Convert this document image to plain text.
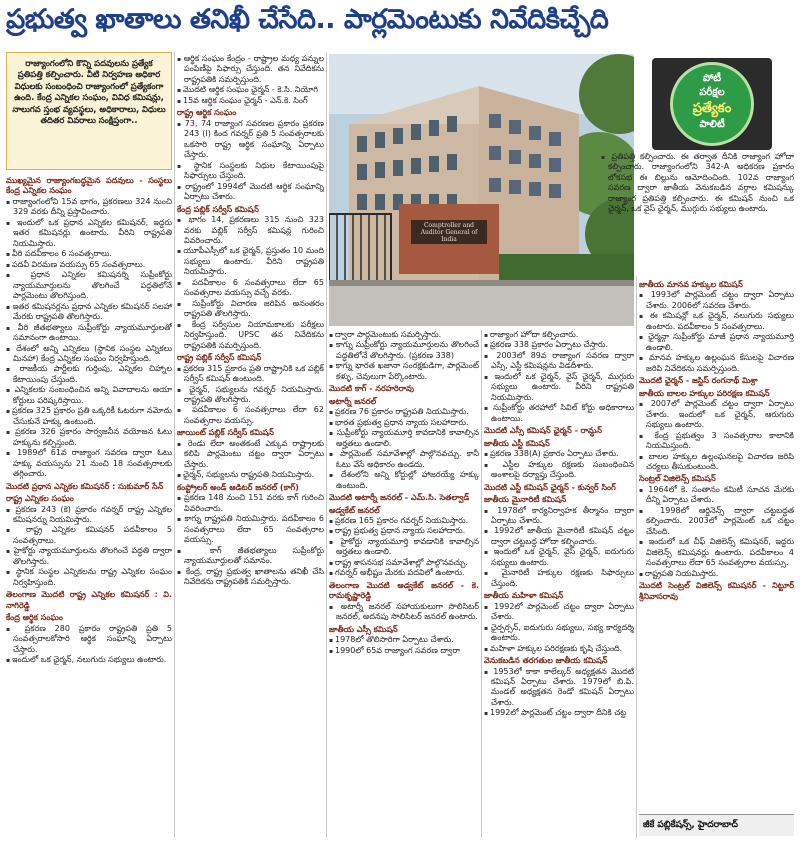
ప్రభుత్వ ఖాతాలు తనిఖీ చేసేది.. పార్లమెంటుకు నివేదికిచ్చేది
రాజ్యాంగంలోని కొన్ని పదవులను ప్రత్యేక ప్రతిపత్తి కల్పించారు. వీటి నిర్వహణ అధికార విధులకు సంబంధించి రాజ్యాంగంలో ప్రత్యేకంగా ఉంది. కేంద్ర ఎన్నికల సంఘం, వివిధ కమిషన్లు, నాలుగవ స్తంభ వ్యవస్థలు, అధికారాలు, విధులు తదితర వివరాలు సంక్షిప్తంగా..

ముఖ్యమైన రాజ్యాంగబద్ధమైన పదవులు - సంస్థలు కేంద్ర ఎన్నికల సంఘం

▪ రాజ్యాంగంలోని 15వ భాగం, ప్రకరణలు 324 నుంచి 329 వరకు దీన్ని ప్రస్తావించారు.

▪ ఇందులో ఒక ప్రధాన ఎన్నికల కమిషనర్, ఇద్దరు ఇతర కమిషనర్లు ఉంటారు. వీరిని రాష్ట్రపతి నియమిస్తారు.

▪ వీరి పదవీకాలం 6 సంవత్సరాలు.

▪ పదవీ విరమణ వయస్సు 65 సంవత్సరాలు.

▪ ప్రధాన ఎన్నికల కమిషనర్ని సుప్రీంకోర్టు న్యాయమూర్తులను తొలగించే పద్ధతిలోనే పార్లమెంటు తొలగిస్తుంది.

▪ ఇతర కమిషనర్లను ప్రధాన ఎన్నికల కమిషనర్ సలహా మేరకు రాష్ట్రపతి తొలగిస్తారు.

▪ వీరి జీతభత్యాలు సుప్రీంకోర్టు న్యాయమూర్తులతో సమానంగా ఉంటాయి.

▪ దేశంలో అన్ని ఎన్నికలు (స్థానిక సంస్థల ఎన్నికలు మినహా) కేంద్ర ఎన్నికల సంఘం నిర్వహిస్తుంది.

▪ రాజకీయ పార్టీలకు గుర్తింపు, ఎన్నికల చిహ్నాల కేటాయింపు చేస్తుంది.

▪ ఎన్నికలకు సంబంధించిన అన్ని వివాదాలను ఆయా కోర్టులు పరిష్కరిస్తాయి.

▪ ప్రకరణ 325 ప్రకారం ప్రతి ఒక్కరికీ ఓటరుగా నమోదు చేసుకునే హక్కు ఉంటుంది.

▪ ప్రకరణ 326 ప్రకారం సార్వజనీన వయోజన ఓటు హక్కును కల్పిస్తుంది.

▪ 1989లో 61వ రాజ్యాంగ సవరణ ద్వారా ఓటు హక్కు వయస్సును 21 నుంచి 18 సంవత్సరాలకు తగ్గించారు.

మొదటి ప్రధాన ఎన్నికల కమిషనర్ : సుకుమార్ సేన్

రాష్ట్ర ఎన్నికల సంఘం

▪ ప్రకరణ 243 (కె) ప్రకారం గవర్నర్ రాష్ట్ర ఎన్నికల కమిషనర్ను నియమిస్తారు.

▪ రాష్ట్ర ఎన్నికల కమిషనర్ పదవీకాలం 5 సంవత్సరాలు.

▪ హైకోర్టు న్యాయమూర్తులను తొలగించే పద్ధతి ద్వారా తొలగిస్తారు.

▪ స్థానిక సంస్థల ఎన్నికలను రాష్ట్ర ఎన్నికల సంఘం నిర్వహిస్తుంది.

తెలంగాణ మొదటి రాష్ట్ర ఎన్నికల కమిషనర్ : వి. నాగిరెడ్డి

కేంద్ర ఆర్థిక సంఘం

▪ ప్రకరణ 280 ప్రకారం రాష్ట్రపతి ప్రతి 5 సంవత్సరాలకోసారి ఆర్థిక సంఘాన్ని ఏర్పాటు చేస్తారు.

▪ ఇందులో ఒక ఛైర్మన్, నలుగురు సభ్యులు ఉంటారు.

▪ ఆర్థిక సంఘం కేంద్రం - రాష్ట్రాల మధ్య పన్నుల పంపిణీపై సిఫార్సు చేస్తుంది. తన నివేదికను రాష్ట్రపతికి సమర్పిస్తుంది.

▪ మొదటి ఆర్థిక సంఘం ఛైర్మన్ - కె.సి. నియోగి

▪ 15వ ఆర్థిక సంఘం ఛైర్మన్ - ఎన్.కె. సింగ్

రాష్ట్ర ఆర్థిక సంఘం

▪ 73, 74 రాజ్యాంగ సవరణల ప్రకారం ప్రకరణ 243 (I) కింద గవర్నర్ ప్రతి 5 సంవత్సరాలకు ఒకసారి రాష్ట్ర ఆర్థిక సంఘాన్ని ఏర్పాటు చేస్తారు.

▪ స్థానిక సంస్థలకు నిధుల కేటాయింపుపై సిఫార్సులు చేస్తుంది.

▪ రాష్ట్రంలో 1994లో మొదటి ఆర్థిక సంఘాన్ని ఏర్పాటు చేశారు.

కేంద్ర పబ్లిక్ సర్వీస్ కమిషన్

▪ భాగం 14, ప్రకరణలు 315 నుంచి 323 వరకు పబ్లిక్ సర్వీస్ కమిషన్ల గురించి వివరించారు.

▪ యూపీఎస్సీలో ఒక ఛైర్మన్, ప్రస్తుతం 10 మంది సభ్యులు ఉంటారు. వీరిని రాష్ట్రపతి నియమిస్తారు.

▪ పదవీకాలం 6 సంవత్సరాలు లేదా 65 సంవత్సరాల వయస్సు వచ్చే వరకు.

▪ సుప్రీంకోర్టు విచారణ జరిపిన అనంతరం రాష్ట్రపతి తొలగిస్తారు.

▪ కేంద్ర సర్వీసుల నియామకాలకు పరీక్షలు నిర్వహిస్తుంది. UPSC తన నివేదికను రాష్ట్రపతికి సమర్పిస్తుంది.

రాష్ట్ర పబ్లిక్ సర్వీస్ కమిషన్

▪ ప్రకరణ 315 ప్రకారం ప్రతి రాష్ట్రానికి ఒక పబ్లిక్ సర్వీస్ కమిషన్ ఉంటుంది.

▪ ఛైర్మన్, సభ్యులను గవర్నర్ నియమిస్తారు. రాష్ట్రపతి తొలగిస్తారు.

▪ పదవీకాలం 6 సంవత్సరాలు లేదా 62 సంవత్సరాల వయస్సు.

జాయింట్ పబ్లిక్ సర్వీస్ కమిషన్

▪ రెండు లేదా అంతకంటే ఎక్కువ రాష్ట్రాలకు కలిపి పార్లమెంటు చట్టం ద్వారా ఏర్పాటు చేస్తారు.

▪ ఛైర్మన్, సభ్యులను రాష్ట్రపతి నియమిస్తారు.

కంప్ట్రోలర్ అండ్ ఆడిటర్ జనరల్ (కాగ్)

▪ ప్రకరణ 148 నుంచి 151 వరకు కాగ్ గురించి వివరించారు.

▪ కాగ్ను రాష్ట్రపతి నియమిస్తారు. పదవీకాలం 6 సంవత్సరాలు లేదా 65 సంవత్సరాల వయస్సు.

▪ కాగ్ జీతభత్యాలు సుప్రీంకోర్టు న్యాయమూర్తులతో సమానం.

▪ కేంద్ర, రాష్ట్ర ప్రభుత్వ ఖాతాలను తనిఖీ చేసి నివేదికను రాష్ట్రపతికి సమర్పిస్తారు.

Comptroller and Auditor General of India
పోటీ
పరీక్షల
ప్రత్యేకం
పాలిటీ

▪ ద్వారా పార్లమెంటుకు సమర్పిస్తారు.

▪ కాగ్ను సుప్రీంకోర్టు న్యాయమూర్తులను తొలగించే పద్ధతిలోనే తొలగిస్తారు. (ప్రకరణ 338)

▪ కాగ్ను భారత ఖజానా సంరక్షకుడిగా, పార్లమెంట్ కళ్ళు, చెవులుగా పేర్కొంటారు.

మొదటి కాగ్ - నరహరిరావు

అటార్నీ జనరల్

▪ ప్రకరణ 76 ప్రకారం రాష్ట్రపతి నియమిస్తారు.

▪ భారత ప్రభుత్వ ప్రధాన న్యాయ సలహాదారు.

▪ సుప్రీంకోర్టు న్యాయమూర్తి కావడానికి కావాల్సిన అర్హతలు ఉండాలి.

▪ పార్లమెంట్ సమావేశాల్లో పాల్గొనవచ్చు. కానీ ఓటు వేసే అధికారం ఉండదు.

▪ దేశంలోని అన్ని కోర్టుల్లో హాజరయ్యే హక్కు ఉంటుంది.

మొదటి అటార్నీ జనరల్ - ఎమ్.సి. సెతల్వాడ్

అడ్వకేట్ జనరల్

▪ ప్రకరణ 165 ప్రకారం గవర్నర్ నియమిస్తారు.

▪ రాష్ట్ర ప్రభుత్వ ప్రధాన న్యాయ సలహాదారు.

▪ హైకోర్టు న్యాయమూర్తి కావడానికి కావాల్సిన అర్హతలు ఉండాలి.

▪ రాష్ట్ర శాసనసభ సమావేశాల్లో పాల్గొనవచ్చు.

▪ గవర్నర్ అభీష్టం మేరకు పదవిలో ఉంటారు.

తెలంగాణ మొదటి అడ్వకేట్ జనరల్ - కె. రామకృష్ణారెడ్డి

▪ అటార్నీ జనరల్ సహాయకులుగా సొలిసిటర్ జనరల్, అదనపు సొలిసిటర్ జనరల్ ఉంటారు.

జాతీయ ఎస్సీ కమిషన్

▪ 1978లో తొలిసారిగా ఏర్పాటు చేశారు.

▪ 1990లో 65వ రాజ్యాంగ సవరణ ద్వారా

▪ రాజ్యాంగ హోదా కల్పించారు.

▪ ప్రకరణ 338 ప్రకారం ఏర్పాటు చేస్తారు.

▪ 2003లో 89వ రాజ్యాంగ సవరణ ద్వారా ఎస్సీ, ఎస్టీ కమిషన్లను విడదీశారు.

▪ ఇందులో ఒక ఛైర్మన్, వైస్ ఛైర్మన్, ముగ్గురు సభ్యులు ఉంటారు. వీరిని రాష్ట్రపతి నియమిస్తారు.

▪ సుప్రీంకోర్టు తరహాలో సివిల్ కోర్టు అధికారాలు ఉంటాయి.

మొదటి ఎస్సీ కమిషన్ ఛైర్మన్ - రామ్ధన్

జాతీయ ఎస్టీ కమిషన్

▪ ప్రకరణ 338(A) ప్రకారం ఏర్పాటు చేశారు.

▪ ఎస్టీల హక్కుల రక్షణకు సంబంధించిన అంశాలపై దర్యాప్తు చేస్తుంది.

మొదటి ఎస్టీ కమిషన్ ఛైర్మన్ - కున్వర్ సింగ్

జాతీయ మైనారిటీ కమిషన్

▪ 1978లో కార్యనిర్వాహక తీర్మానం ద్వారా ఏర్పాటు చేశారు.

▪ 1992లో జాతీయ మైనారిటీ కమిషన్ చట్టం ద్వారా చట్టబద్ధ హోదా కల్పించారు.

▪ ఇందులో ఒక ఛైర్మన్, వైస్ ఛైర్మన్, ఐదుగురు సభ్యులు ఉంటారు.

▪ మైనారిటీ హక్కుల రక్షణకు సిఫార్సులు చేస్తుంది.

జాతీయ మహిళా కమిషన్

▪ 1992లో పార్లమెంట్ చట్టం ద్వారా ఏర్పాటు చేశారు.

▪ ఛైర్పర్సన్, ఐదుగురు సభ్యులు, సభ్య కార్యదర్శి ఉంటారు.

▪ మహిళా హక్కుల పరిరక్షణకు కృషి చేస్తుంది.

వెనుకబడిన తరగతుల జాతీయ కమిషన్

▪ 1953లో కాకా కాలేల్కర్ అధ్యక్షతన మొదటి కమిషన్ ఏర్పాటు చేశారు. 1979లో బి.పి. మండల్ అధ్యక్షతన రెండో కమిషన్ ఏర్పాటు చేశారు.

▪ 1992లో పార్లమెంట్ చట్టం ద్వారా దీనికి చట్ట

▪ ప్రతిపత్తి కల్పించారు. ఈ తర్వాత దీనికి రాజ్యాంగ హోదా కల్పించారు. రాజ్యాంగంలోని 342-A అధికరణ ప్రకారం లోకసభ ఈ బిల్లును ఆమోదించింది. 102వ రాజ్యాంగ సవరణ ద్వారా జాతీయ వెనుకబడిన వర్గాల కమిషన్కు రాజ్యాంగ ప్రతిపత్తి కల్పించారు. ఈ కమిషన్ నుంచి ఒక ఛైర్మన్, ఒక వైస్ ఛైర్మన్, ముగ్గురు సభ్యులు ఉంటారు.

జాతీయ మానవ హక్కుల కమిషన్

▪ 1993లో పార్లమెంట్ చట్టం ద్వారా ఏర్పాటు చేశారు. 2006లో సవరణ చేశారు.

▪ ఈ కమిషన్లో ఒక ఛైర్మన్, నలుగురు సభ్యులు ఉంటారు. పదవీకాలం 5 సంవత్సరాలు.

▪ ఛైర్మన్గా సుప్రీంకోర్టు మాజీ ప్రధాన న్యాయమూర్తి ఉండాలి.

▪ మానవ హక్కుల ఉల్లంఘన కేసులపై విచారణ జరిపి నివేదికను సమర్పిస్తుంది.

మొదటి ఛైర్మన్ - జస్టిస్ రంగనాథ్ మిశ్రా

జాతీయ బాలల హక్కుల పరిరక్షణ కమిషన్

▪ 2007లో పార్లమెంట్ చట్టం ద్వారా ఏర్పాటు చేశారు. ఇందులో ఒక ఛైర్మన్, ఆరుగురు సభ్యులు ఉంటారు.

▪ కేంద్ర ప్రభుత్వం 3 సంవత్సరాల కాలానికి నియమిస్తుంది.

▪ బాలల హక్కుల ఉల్లంఘనలపై విచారణ జరిపి చర్యలు తీసుకుంటుంది.

సెంట్రల్ విజిలెన్స్ కమిషన్

▪ 1964లో కె. సంతానం కమిటీ సూచన మేరకు దీన్ని ఏర్పాటు చేశారు.

▪ 1998లో ఆర్డినెన్స్ ద్వారా చట్టబద్ధత కల్పించారు. 2003లో పార్లమెంట్ ఒక చట్టం చేసింది.

▪ ఇందులో ఒక చీఫ్ విజిలెన్స్ కమిషనర్, ఇద్దరు విజిలెన్స్ కమిషనర్లు ఉంటారు. పదవీకాలం 4 సంవత్సరాలు లేదా 65 సంవత్సరాల వయస్సు.

▪ రాష్ట్రపతి నియమిస్తారు.

మొదటి సెంట్రల్ విజిలెన్స్ కమిషనర్ - నిట్టూర్ శ్రీనివాసరావు

జీకే పబ్లికేషన్స్, హైదరాబాద్
